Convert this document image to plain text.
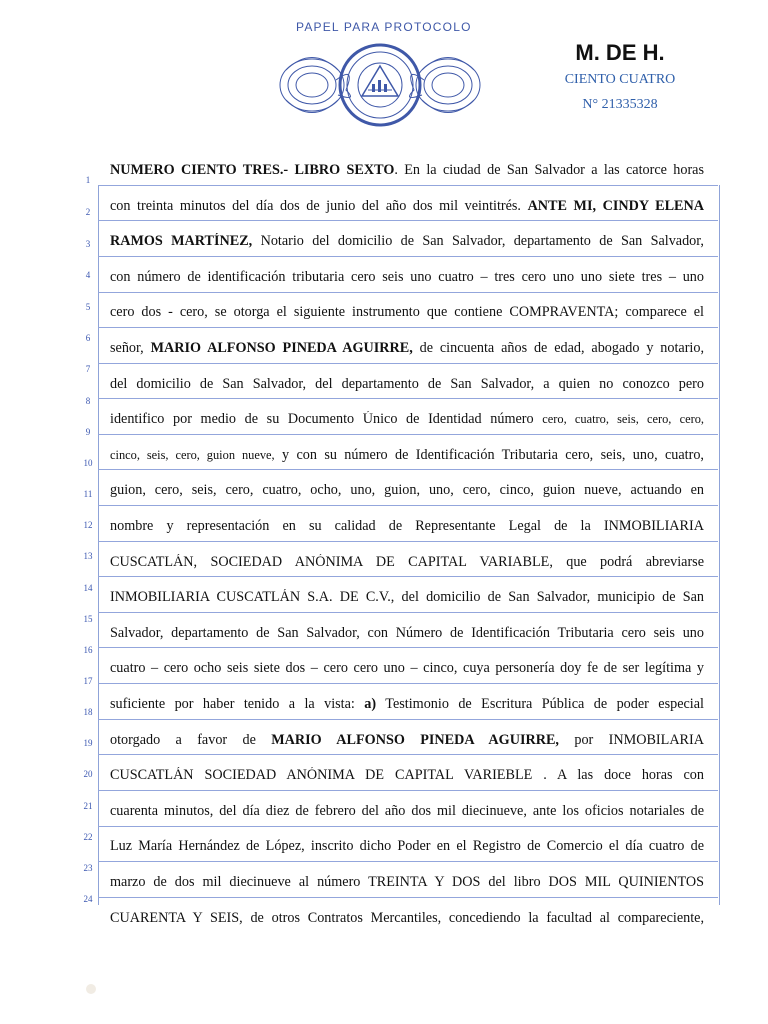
PAPEL PARA PROTOCOLO
M. DE H.
CIENTO CUATRO
N° 21335328
1
2
3
4
5
6
7
8
9
10
11
12
13
14
15
16
17
18
19
20
21
22
23
24
NUMERO CIENTO TRES.- LIBRO SEXTO. En la ciudad de San Salvador a las catorce horas
con treinta minutos del día dos de junio del año dos mil veintitrés. ANTE MI, CINDY ELENA
RAMOS MARTÍNEZ, Notario del domicilio de San Salvador, departamento de San Salvador,
con número de identificación tributaria cero seis uno cuatro – tres cero uno uno siete tres – uno
cero dos - cero, se otorga el siguiente instrumento que contiene COMPRAVENTA; comparece el
señor, MARIO ALFONSO PINEDA AGUIRRE, de cincuenta años de edad, abogado y notario,
del domicilio de San Salvador, del departamento de San Salvador, a quien no conozco pero
identifico por medio de su Documento Único de Identidad número cero, cuatro, seis, cero, cero,
cinco, seis, cero, guion nueve, y con su número de Identificación Tributaria cero, seis, uno, cuatro,
guion, cero, seis, cero, cuatro, ocho, uno, guion, uno, cero, cinco, guion nueve, actuando en
nombre y representación en su calidad de Representante Legal de la INMOBILIARIA
CUSCATLÁN, SOCIEDAD ANÓNIMA DE CAPITAL VARIABLE, que podrá abreviarse
INMOBILIARIA CUSCATLÁN S.A. DE C.V., del domicilio de San Salvador, municipio de San
Salvador, departamento de San Salvador, con Número de Identificación Tributaria cero seis uno
cuatro – cero ocho seis siete dos – cero cero uno – cinco, cuya personería doy fe de ser legítima y
suficiente por haber tenido a la vista: a) Testimonio de Escritura Pública de poder especial
otorgado a favor de MARIO ALFONSO PINEDA AGUIRRE, por INMOBILARIA
CUSCATLÁN SOCIEDAD ANÓNIMA DE CAPITAL VARIEBLE . A las doce horas con
cuarenta minutos, del día diez de febrero del año dos mil diecinueve, ante los oficios notariales de
Luz María Hernández de López, inscrito dicho Poder en el Registro de Comercio el día cuatro de
marzo de dos mil diecinueve al número TREINTA Y DOS del libro DOS MIL QUINIENTOS
CUARENTA Y SEIS, de otros Contratos Mercantiles, concediendo la facultad al compareciente,
